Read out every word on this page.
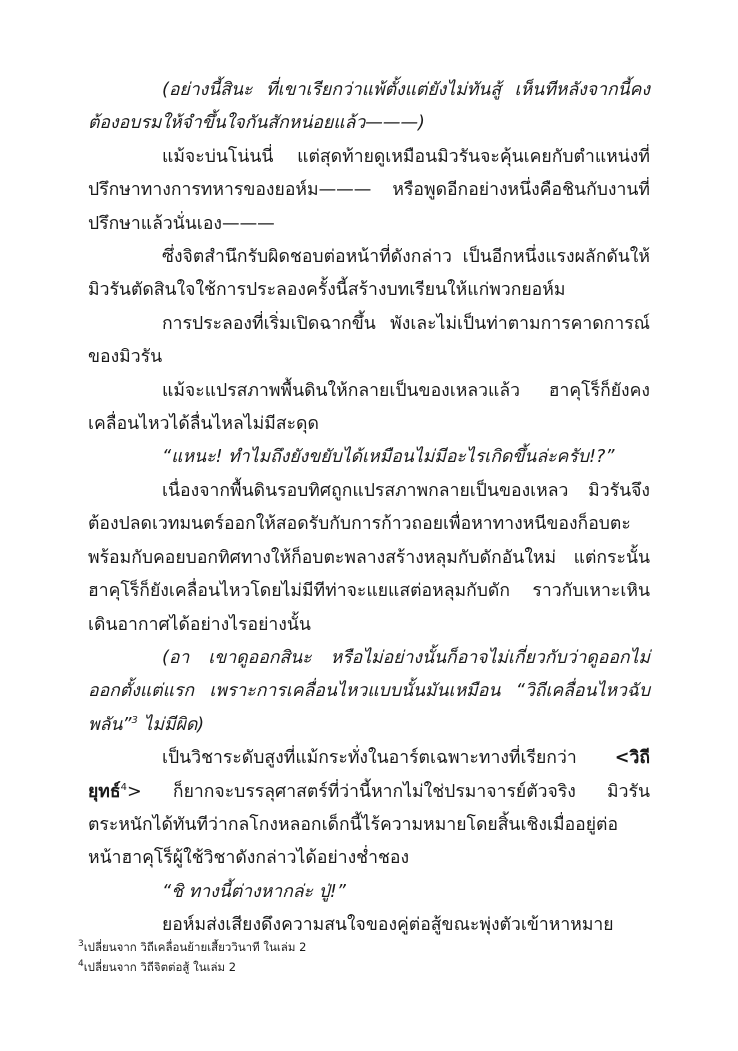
(อย่างนี้สินะ ที่เขาเรียกว่าแพ้ตั้งแต่ยังไม่ทันสู้ เห็นทีหลังจากนี้คงต้องอบรมให้จำขึ้นใจกันสักหน่อยแล้ว———)

แม้จะบ่นโน่นนี่ แต่สุดท้ายดูเหมือนมิวรันจะคุ้นเคยกับตำแหน่งที่ปรึกษาทางการทหารของยอห์ม——— หรือพูดอีกอย่างหนึ่งคือชินกับงานที่ปรึกษาแล้วนั่นเอง———

ซึ่งจิตสำนึกรับผิดชอบต่อหน้าที่ดังกล่าว เป็นอีกหนึ่งแรงผลักดันให้มิวรันตัดสินใจใช้การประลองครั้งนี้สร้างบทเรียนให้แก่พวกยอห์ม

การประลองที่เริ่มเปิดฉากขึ้น พังเละไม่เป็นท่าตามการคาดการณ์ของมิวรัน

แม้จะแปรสภาพพื้นดินให้กลายเป็นของเหลวแล้ว ฮาคุโร็ก็ยังคงเคลื่อนไหวได้ลื่นไหลไม่มีสะดุด

“แหนะ! ทำไมถึงยังขยับได้เหมือนไม่มีอะไรเกิดขึ้นล่ะครับ!?”

เนื่องจากพื้นดินรอบทิศถูกแปรสภาพกลายเป็นของเหลว มิวรันจึงต้องปลดเวทมนตร์ออกให้สอดรับกับการก้าวถอยเพื่อหาทางหนีของก็อบตะ พร้อมกับคอยบอกทิศทางให้ก็อบตะพลางสร้างหลุมกับดักอันใหม่ แต่กระนั้น ฮาคุโร็ก็ยังเคลื่อนไหวโดยไม่มีทีท่าจะแยแสต่อหลุมกับดัก ราวกับเหาะเหินเดินอากาศได้อย่างไรอย่างนั้น

(อา เขาดูออกสินะ หรือไม่อย่างนั้นก็อาจไม่เกี่ยวกับว่าดูออกไม่ออกตั้งแต่แรก เพราะการเคลื่อนไหวแบบนั้นมันเหมือน “วิถีเคลื่อนไหวฉับพลัน”$^3$ ไม่มีผิด)

เป็นวิชาระดับสูงที่แม้กระทั่งในอาร์ตเฉพาะทางที่เรียกว่า <วิถียุทธ์$^4$> ก็ยากจะบรรลุศาสตร์ที่ว่านี้หากไม่ใช่ปรมาจารย์ตัวจริง มิวรันตระหนักได้ทันทีว่ากลโกงหลอกเด็กนี้ไร้ความหมายโดยสิ้นเชิงเมื่ออยู่ต่อหน้าฮาคุโร็ผู้ใช้วิชาดังกล่าวได้อย่างช่ำชอง

“ชิ ทางนี้ต่างหากล่ะ ปู่!”

ยอห์มส่งเสียงดึงความสนใจของคู่ต่อสู้ขณะพุ่งตัวเข้าหาหมาย

$^3$เปลี่ยนจาก วิถีเคลื่อนย้ายเสี้ยววินาที ในเล่ม 2

$^4$เปลี่ยนจาก วิถีจิตต่อสู้ ในเล่ม 2
